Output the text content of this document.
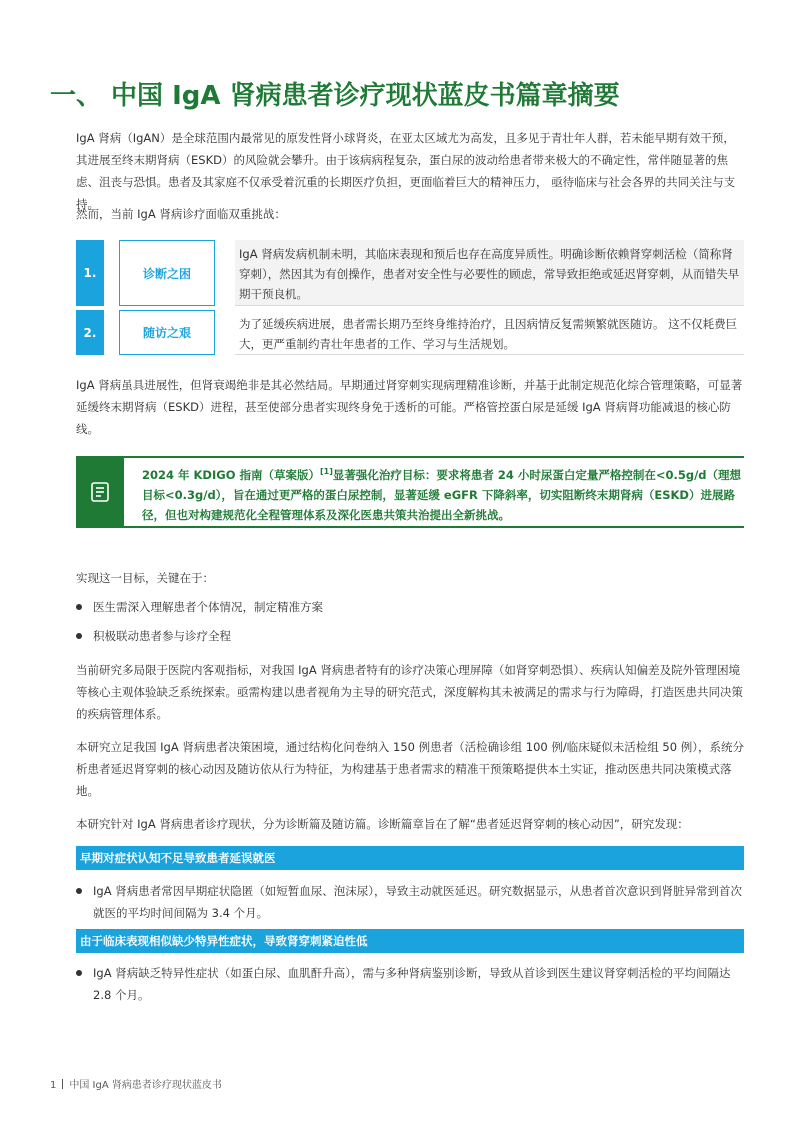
一、 中国 IgA 肾病患者诊疗现状蓝皮书篇章摘要
IgA 肾病（IgAN）是全球范围内最常见的原发性肾小球肾炎，在亚太区域尤为高发，且多见于青壮年人群，若未能早期有效干预，其进展至终末期肾病（ESKD）的风险就会攀升。由于该病病程复杂，蛋白尿的波动给患者带来极大的不确定性，常伴随显著的焦虑、沮丧与恐惧。患者及其家庭不仅承受着沉重的长期医疗负担，更面临着巨大的精神压力， 亟待临床与社会各界的共同关注与支持。
然而，当前 IgA 肾病诊疗面临双重挑战：
1.	诊断之困
IgA 肾病发病机制未明，其临床表现和预后也存在高度异质性。明确诊断依赖肾穿刺活检（简称肾穿刺），然因其为有创操作，患者对安全性与必要性的顾虑，常导致拒绝或延迟肾穿刺，从而错失早期干预良机。
2.	随访之艰
为了延缓疾病进展，患者需长期乃至终身维持治疗，且因病情反复需频繁就医随访。 这不仅耗费巨大，更严重制约青壮年患者的工作、学习与生活规划。
IgA 肾病虽具进展性，但肾衰竭绝非是其必然结局。早期通过肾穿刺实现病理精准诊断，并基于此制定规范化综合管理策略，可显著延缓终末期肾病（ESKD）进程，甚至使部分患者实现终身免于透析的可能。严格管控蛋白尿是延缓 IgA 肾病肾功能减退的核心防线。
2024 年 KDIGO 指南（草案版）[1]显著强化治疗目标：要求将患者 24 小时尿蛋白定量严格控制在<0.5g/d（理想目标<0.3g/d），旨在通过更严格的蛋白尿控制，显著延缓 eGFR 下降斜率，切实阻断终末期肾病（ESKD）进展路径，但也对构建规范化全程管理体系及深化医患共策共治提出全新挑战。
实现这一目标，关键在于：
医生需深入理解患者个体情况，制定精准方案
积极联动患者参与诊疗全程
当前研究多局限于医院内客观指标，对我国 IgA 肾病患者特有的诊疗决策心理屏障（如肾穿刺恐惧）、疾病认知偏差及院外管理困境等核心主观体验缺乏系统探索。亟需构建以患者视角为主导的研究范式，深度解构其未被满足的需求与行为障碍，打造医患共同决策的疾病管理体系。
本研究立足我国 IgA 肾病患者决策困境，通过结构化问卷纳入 150 例患者（活检确诊组 100 例/临床疑似未活检组 50 例），系统分析患者延迟肾穿刺的核心动因及随访依从行为特征，为构建基于患者需求的精准干预策略提供本土实证，推动医患共同决策模式落地。
本研究针对 IgA 肾病患者诊疗现状，分为诊断篇及随访篇。诊断篇章旨在了解“患者延迟肾穿刺的核心动因”，研究发现：
早期对症状认知不足导致患者延误就医
IgA 肾病患者常因早期症状隐匿（如短暂血尿、泡沫尿），导致主动就医延迟。研究数据显示，从患者首次意识到肾脏异常到首次就医的平均时间间隔为 3.4 个月。
由于临床表现相似缺少特异性症状，导致肾穿刺紧迫性低
IgA 肾病缺乏特异性症状（如蛋白尿、血肌酐升高），需与多种肾病鉴别诊断，导致从首诊到医生建议肾穿刺活检的平均间隔达 2.8 个月。
1 中国 IgA 肾病患者诊疗现状蓝皮书
